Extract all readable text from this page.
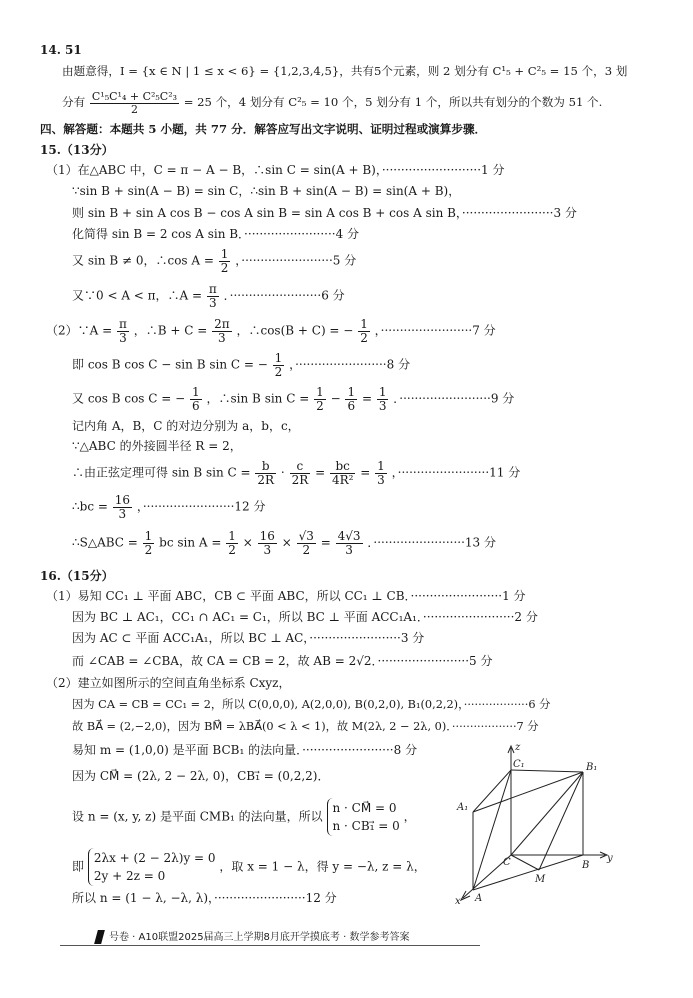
14. 51
由题意得，I = {x ∈ N | 1 ≤ x < 6} = {1,2,3,4,5}，共有5个元素，则 2 划分有 C¹₅ + C²₅ = 15 个，3 划
分有 $\frac{\text{C¹₅C¹₄ + C²₅C²₃}}{2} = 25$ 个，4 划分有 C²₅ = 10 个，5 划分有 1 个，所以共有划分的个数为 51 个.
四、解答题：本题共 5 小题，共 77 分．解答应写出文字说明、证明过程或演算步骤．
15.（13分）
（1）在△ABC 中，C = π − A − B，∴sin C = sin(A + B)，··························1 分
∵sin B + sin(A − B) = sin C，∴sin B + sin(A − B) = sin(A + B)，
则 sin B + sin A cos B − cos A sin B = sin A cos B + cos A sin B，························3 分
化简得 sin B = 2 cos A sin B．························4 分
又 sin B ≠ 0，∴cos $A = \frac{1}{2}$ ，························5 分
又∵0 < A < π，∴A = $\frac{\pi}{3}$ ．························6 分
（2）∵A = $\frac{\pi}{3}$ ，∴B + $C = \frac{2\pi}{3}$ ，∴cos(B + C) = − $\frac{1}{2}$ ，························7 分
即 cos B cos C − sin B sin C = − $\frac{1}{2}$ ，························8 分
又 cos B cos C = − $\frac{1}{6}$ ，∴sin B $\sin C = \frac{1}{2} - \frac{1}{6} = \frac{1}{3}$ ．························9 分
记内角 A，B，C 的对边分别为 a，b，c，
∵△ABC 的外接圆半径 R = 2，
∴由正弦定理可得 sin B $\sin C = \frac{b}{2R} \cdot \frac{c}{2R} = \frac{bc}{\text{4R²}} = \frac{1}{3}$ ，························11 分
∴bc = $\frac{16}{3}$ ，························12 分
∴S△ABC = $\frac{1}{2}$ bc $\sin A = \frac{1}{2} \times \frac{16}{3} \times \frac{√3}{2} = \frac{4√3}{3}$ ．························13 分
16.（15分）
（1）易知 CC₁ ⊥ 平面 ABC，CB ⊂ 平面 ABC，所以 CC₁ ⊥ CB．························1 分
因为 BC ⊥ AC₁，CC₁ ∩ AC₁ = C₁，所以 BC ⊥ 平面 ACC₁A₁．························2 分
因为 AC ⊂ 平面 ACC₁A₁，所以 BC ⊥ AC，························3 分
而 ∠CAB = ∠CBA，故 CA = CB = 2，故 AB = 2√2．························5 分
（2）建立如图所示的空间直角坐标系 Cxyz，
因为 CA = CB = CC₁ = 2，所以 C(0,0,0), A(2,0,0), B(0,2,0), B₁(0,2,2)，··················6 分
故 BA⃗ = (2,−2,0)，因为 BM⃗ = λBA⃗(0 < λ < 1)，故 M(2λ, 2 − 2λ, 0)．··················7 分
易知 m = (1,0,0) 是平面 BCB₁ 的法向量．························8 分
因为 CM⃗ = (2λ, 2 − 2λ, 0)，CB₁⃗ = (0,2,2)．
设 n = (x, y, z) 是平面 CMB₁ 的法向量，所以
n · CM⃗ = 0
n · CB₁⃗ = 0
，
即
2λx + (2 − 2λ)y = 0
2y + 2z = 0
，取 x = 1 − λ，得 y = −λ, z = λ，
所以 n = (1 − λ, −λ, λ)，························12 分
z
C₁	B₁
A₁
C	B
y
M
A
x
号卷 · A10联盟2025届高三上学期8月底开学摸底考 · 数学参考答案
